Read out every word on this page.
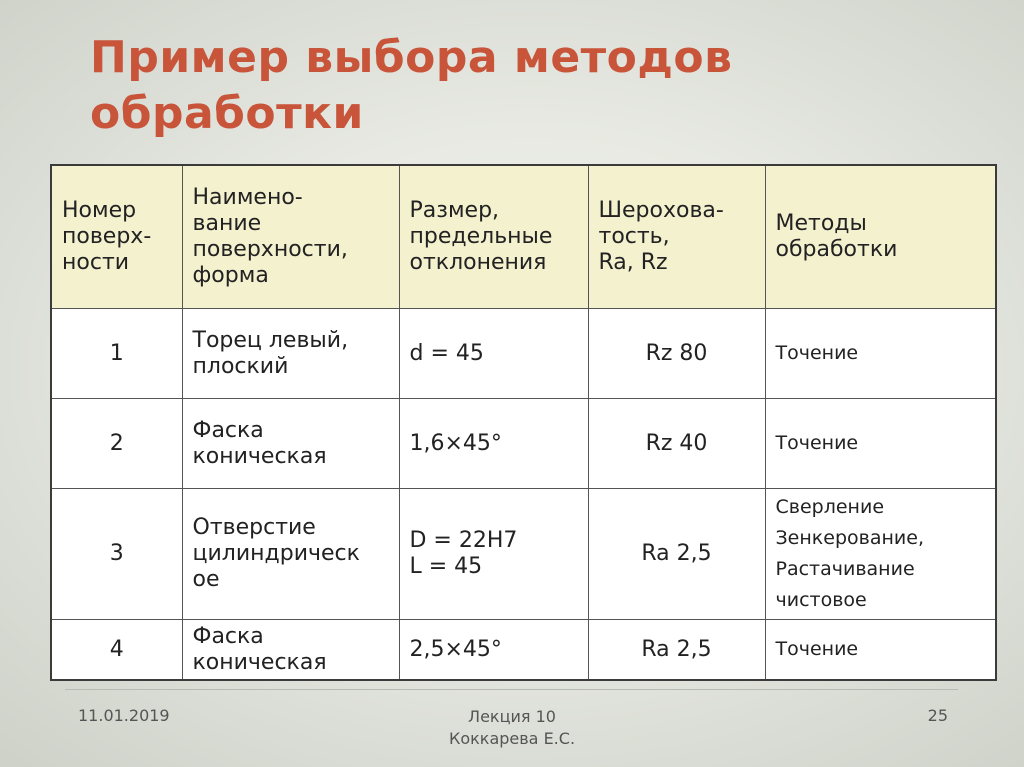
Пример выбора методов
обработки
Номер
поверх-
ности	Наимено-
вание
поверхности,
форма	Размер,
предельные
отклонения	Шерохова-
тость,
Ra, Rz	Методы
обработки

1	Торец левый,
плоский	d = 45	Rz 80	Точение

2	Фаска
коническая	1,6×45°	Rz 40	Точение

3	Отверстие
цилиндрическ
ое	D = 22H7
L = 45	Ra 2,5	Сверление
Зенкерование,
Растачивание
чистовое

4	Фаска
коническая	2,5×45°	Ra 2,5	Точение
11.01.2019	Лекция 10
Коккарева Е.С.
25
